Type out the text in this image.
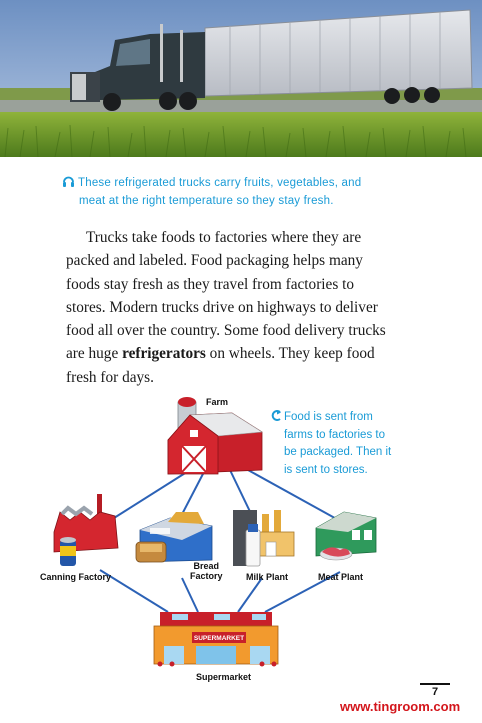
These refrigerated trucks carry fruits, vegetables, and
meat at the right temperature so they stay fresh.
Trucks take foods to factories where they are
packed and labeled. Food packaging helps many
foods stay fresh as they travel from factories to
stores. Modern trucks drive on highways to deliver
food all over the country. Some food delivery trucks
are huge refrigerators on wheels. They keep food
fresh for days.
SUPERMARKET
Farm
Canning Factory
Bread
Factory	Milk Plant	Meat Plant
Supermarket
Food is sent from
farms to factories to
be packaged. Then it
is sent to stores.
7
www.tingroom.com
